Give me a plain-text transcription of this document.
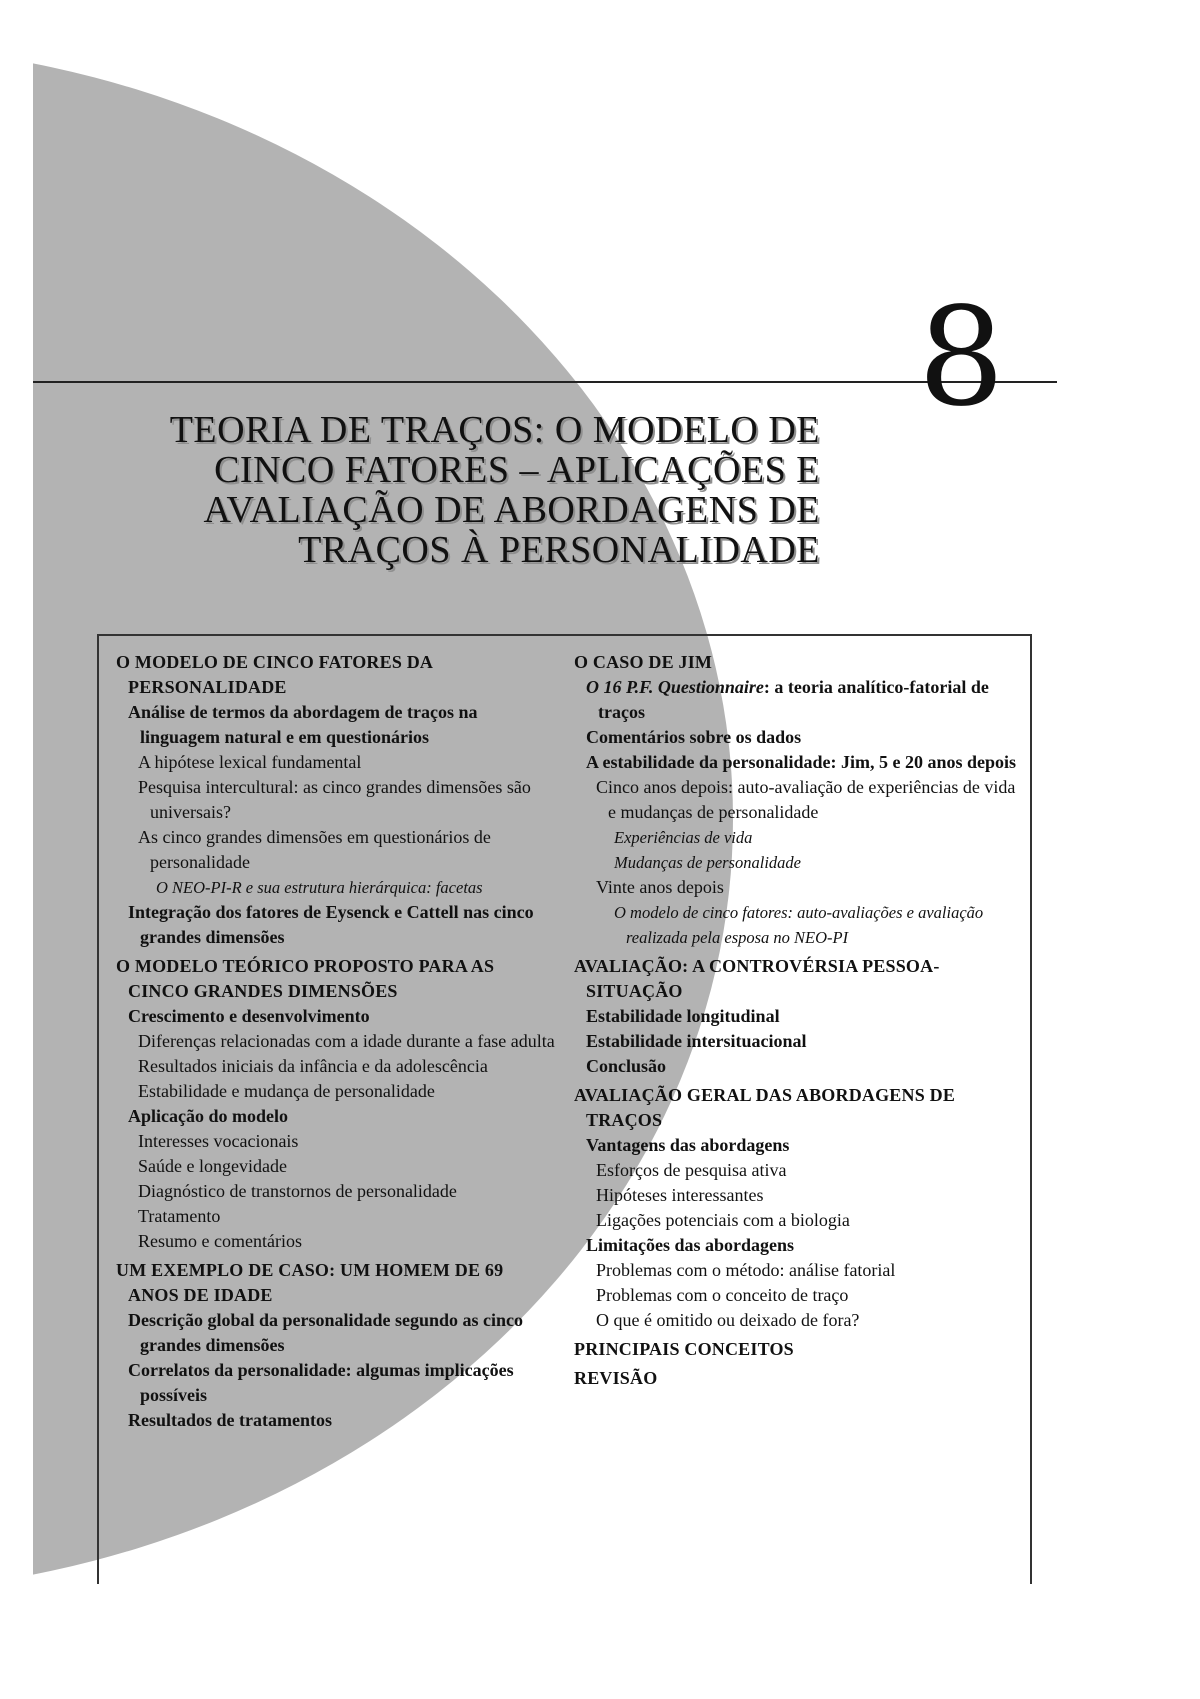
8
TEORIA DE TRAÇOS: O MODELO DE
CINCO FATORES – APLICAÇÕES E
AVALIAÇÃO DE ABORDAGENS DE
TRAÇOS À PERSONALIDADE
O MODELO DE CINCO FATORES DA PERSONALIDADE
Análise de termos da abordagem de traços na linguagem natural e em questionários
A hipótese lexical fundamental
Pesquisa intercultural: as cinco grandes dimensões são universais?
As cinco grandes dimensões em questionários de personalidade
O NEO-PI-R e sua estrutura hierárquica: facetas
Integração dos fatores de Eysenck e Cattell nas cinco grandes dimensões
O MODELO TEÓRICO PROPOSTO PARA AS CINCO GRANDES DIMENSÕES
Crescimento e desenvolvimento
Diferenças relacionadas com a idade durante a fase adulta
Resultados iniciais da infância e da adolescência
Estabilidade e mudança de personalidade
Aplicação do modelo
Interesses vocacionais
Saúde e longevidade
Diagnóstico de transtornos de personalidade
Tratamento
Resumo e comentários
UM EXEMPLO DE CASO: UM HOMEM DE 69 ANOS DE IDADE
Descrição global da personalidade segundo as cinco grandes dimensões
Correlatos da personalidade: algumas implicações possíveis
Resultados de tratamentos
O CASO DE JIM
O 16 P.F. Questionnaire: a teoria analítico-fatorial de traços
Comentários sobre os dados
A estabilidade da personalidade: Jim, 5 e 20 anos depois
Cinco anos depois: auto-avaliação de experiências de vida e mudanças de personalidade
Experiências de vida
Mudanças de personalidade
Vinte anos depois
O modelo de cinco fatores: auto-avaliações e avaliação realizada pela esposa no NEO-PI
AVALIAÇÃO: A CONTROVÉRSIA PESSOA-SITUAÇÃO
Estabilidade longitudinal
Estabilidade intersituacional
Conclusão
AVALIAÇÃO GERAL DAS ABORDAGENS DE TRAÇOS
Vantagens das abordagens
Esforços de pesquisa ativa
Hipóteses interessantes
Ligações potenciais com a biologia
Limitações das abordagens
Problemas com o método: análise fatorial
Problemas com o conceito de traço
O que é omitido ou deixado de fora?
PRINCIPAIS CONCEITOS
REVISÃO
